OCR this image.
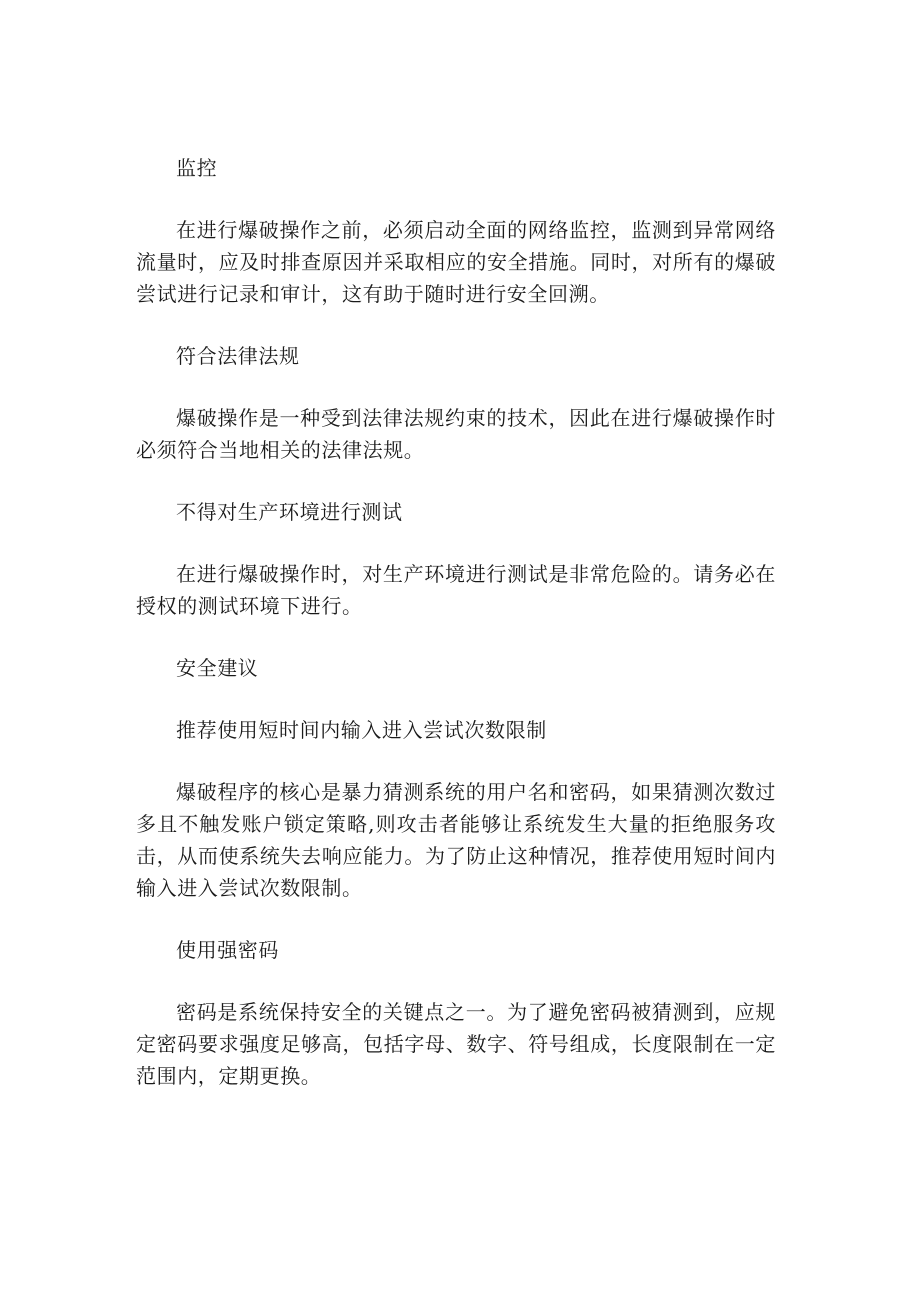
监控

在进行爆破操作之前，必须启动全面的网络监控，监测到异常网络流量时，应及时排查原因并采取相应的安全措施。同时，对所有的爆破尝试进行记录和审计，这有助于随时进行安全回溯。

符合法律法规

爆破操作是一种受到法律法规约束的技术，因此在进行爆破操作时必须符合当地相关的法律法规。

不得对生产环境进行测试

在进行爆破操作时，对生产环境进行测试是非常危险的。请务必在授权的测试环境下进行。

安全建议
推荐使用短时间内输入进入尝试次数限制

爆破程序的核心是暴力猜测系统的用户名和密码，如果猜测次数过多且不触发账户锁定策略,则攻击者能够让系统发生大量的拒绝服务攻击，从而使系统失去响应能力。为了防止这种情况，推荐使用短时间内输入进入尝试次数限制。

使用强密码

密码是系统保持安全的关键点之一。为了避免密码被猜测到，应规定密码要求强度足够高，包括字母、数字、符号组成，长度限制在一定范围内，定期更换。
